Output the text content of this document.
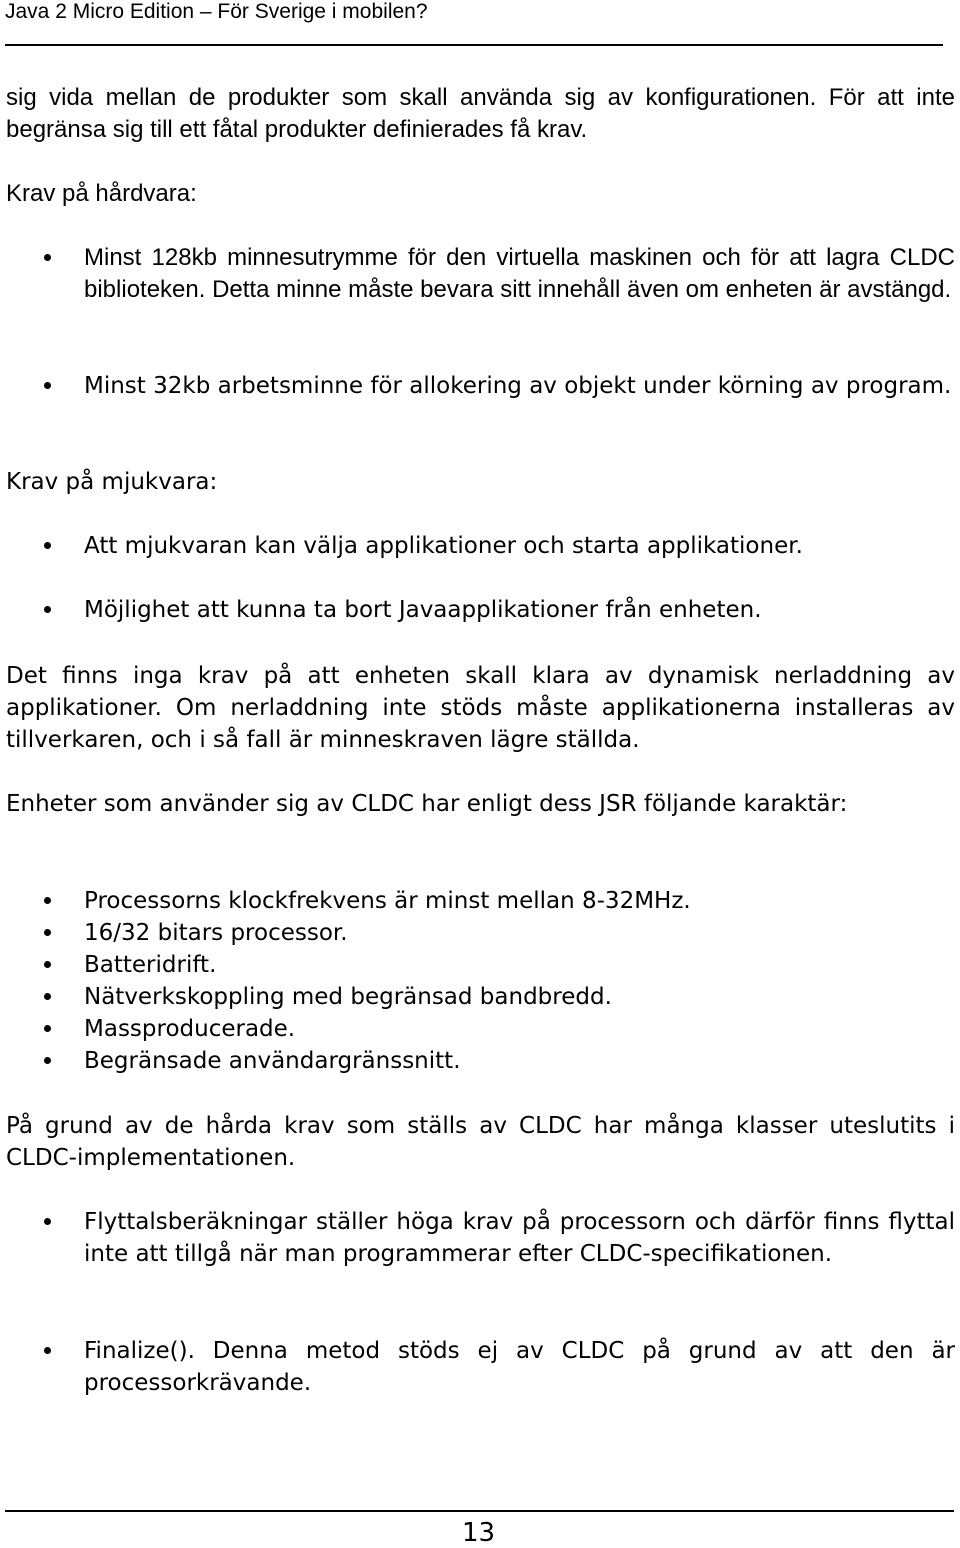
Java 2 Micro Edition – För Sverige i mobilen?
sig vida mellan de produkter som skall använda sig av konfigurationen. För att inte begränsa sig till ett fåtal produkter definierades få krav.
Krav på hårdvara:
Minst 128kb minnesutrymme för den virtuella maskinen och för att lagra CLDC biblioteken. Detta minne måste bevara sitt innehåll även om enheten är avstängd.
Minst 32kb arbetsminne för allokering av objekt under körning av program.
Krav på mjukvara:
Att mjukvaran kan välja applikationer och starta applikationer.
Möjlighet att kunna ta bort Javaapplikationer från enheten.
Det finns inga krav på att enheten skall klara av dynamisk nerladdning av applikationer. Om nerladdning inte stöds måste applikationerna installeras av tillverkaren, och i så fall är minneskraven lägre ställda.
Enheter som använder sig av CLDC har enligt dess JSR följande karaktär:
Processorns klockfrekvens är minst mellan 8-32MHz.
16/32 bitars processor.
Batteridrift.
Nätverkskoppling med begränsad bandbredd.
Massproducerade.
Begränsade användargränssnitt.
På grund av de hårda krav som ställs av CLDC har många klasser uteslutits i CLDC-implementationen.
Flyttalsberäkningar ställer höga krav på processorn och därför finns flyttal inte att tillgå när man programmerar efter CLDC-specifikationen.
Finalize(). Denna metod stöds ej av CLDC på grund av att den är processorkrävande.
13
